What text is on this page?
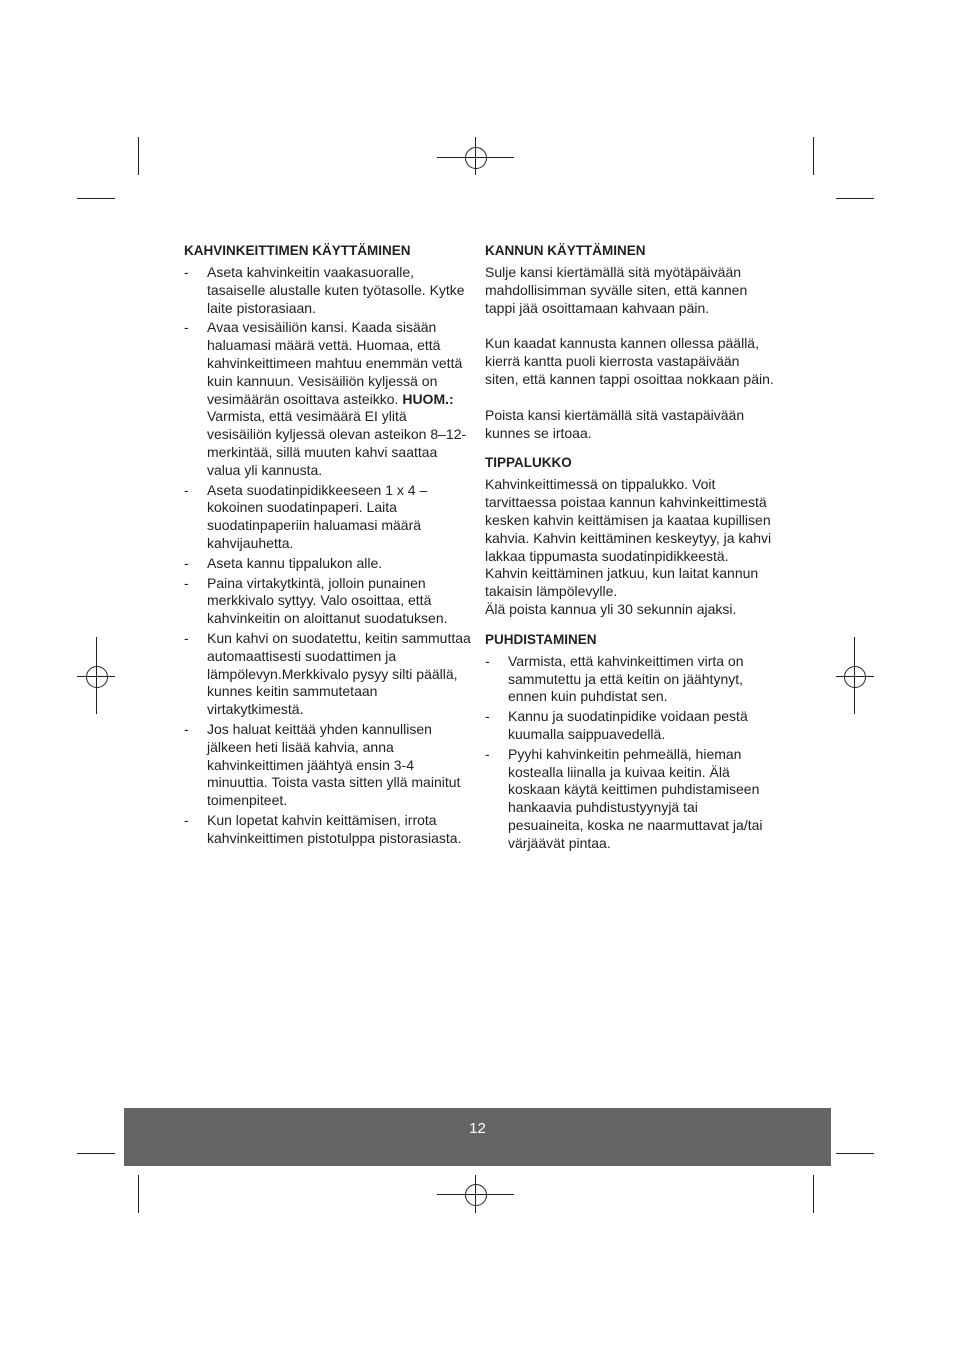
KAHVINKEITTIMEN KÄYTTÄMINEN
- Aseta kahvinkeitin vaakasuoralle, tasaiselle alustalle kuten työtasolle. Kytke laite pistorasiaan.
- Avaa vesisäiliön kansi. Kaada sisään haluamasi määrä vettä. Huomaa, että kahvinkeittimeen mahtuu enemmän vettä kuin kannuun. Vesisäiliön kyljessä on vesimäärän osoittava asteikko. HUOM.: Varmista, että vesimäärä EI ylitä vesisäiliön kyljessä olevan asteikon 8–12-merkintää, sillä muuten kahvi saattaa valua yli kannusta.
- Aseta suodatinpidikkeeseen 1 x 4 –kokoinen suodatinpaperi. Laita suodatinpaperiin haluamasi määrä kahvijauhetta.
- Aseta kannu tippalukon alle.
- Paina virtakytkintä, jolloin punainen merkkivalo syttyy. Valo osoittaa, että kahvinkeitin on aloittanut suodatuksen.
- Kun kahvi on suodatettu, keitin sammuttaa automaattisesti suodattimen ja lämpölevyn.Merkkivalo pysyy silti päällä, kunnes keitin sammutetaan virtakytkimestä.
- Jos haluat keittää yhden kannullisen jälkeen heti lisää kahvia, anna kahvinkeittimen jäähtyä ensin 3-4 minuuttia. Toista vasta sitten yllä mainitut toimenpiteet.
- Kun lopetat kahvin keittämisen, irrota kahvinkeittimen pistotulppa pistorasiasta.
KANNUN KÄYTTÄMINEN

Sulje kansi kiertämällä sitä myötäpäivään mahdollisimman syvälle siten, että kannen tappi jää osoittamaan kahvaan päin.

Kun kaadat kannusta kannen ollessa päällä, kierrä kantta puoli kierrosta vastapäivään siten, että kannen tappi osoittaa nokkaan päin.

Poista kansi kiertämällä sitä vastapäivään kunnes se irtoaa.

TIPPALUKKO

Kahvinkeittimessä on tippalukko. Voit tarvittaessa poistaa kannun kahvinkeittimestä kesken kahvin keittämisen ja kaataa kupillisen kahvia. Kahvin keittäminen keskeytyy, ja kahvi lakkaa tippumasta suodatinpidikkeestä. Kahvin keittäminen jatkuu, kun laitat kannun takaisin lämpölevylle.

Älä poista kannua yli 30 sekunnin ajaksi.

PUHDISTAMINEN
- Varmista, että kahvinkeittimen virta on sammutettu ja että keitin on jäähtynyt, ennen kuin puhdistat sen.
- Kannu ja suodatinpidike voidaan pestä kuumalla saippuavedellä.
- Pyyhi kahvinkeitin pehmeällä, hieman kostealla liinalla ja kuivaa keitin. Älä koskaan käytä keittimen puhdistamiseen hankaavia puhdistustyynyjä tai pesuaineita, koska ne naarmuttavat ja/tai värjäävät pintaa.
12
